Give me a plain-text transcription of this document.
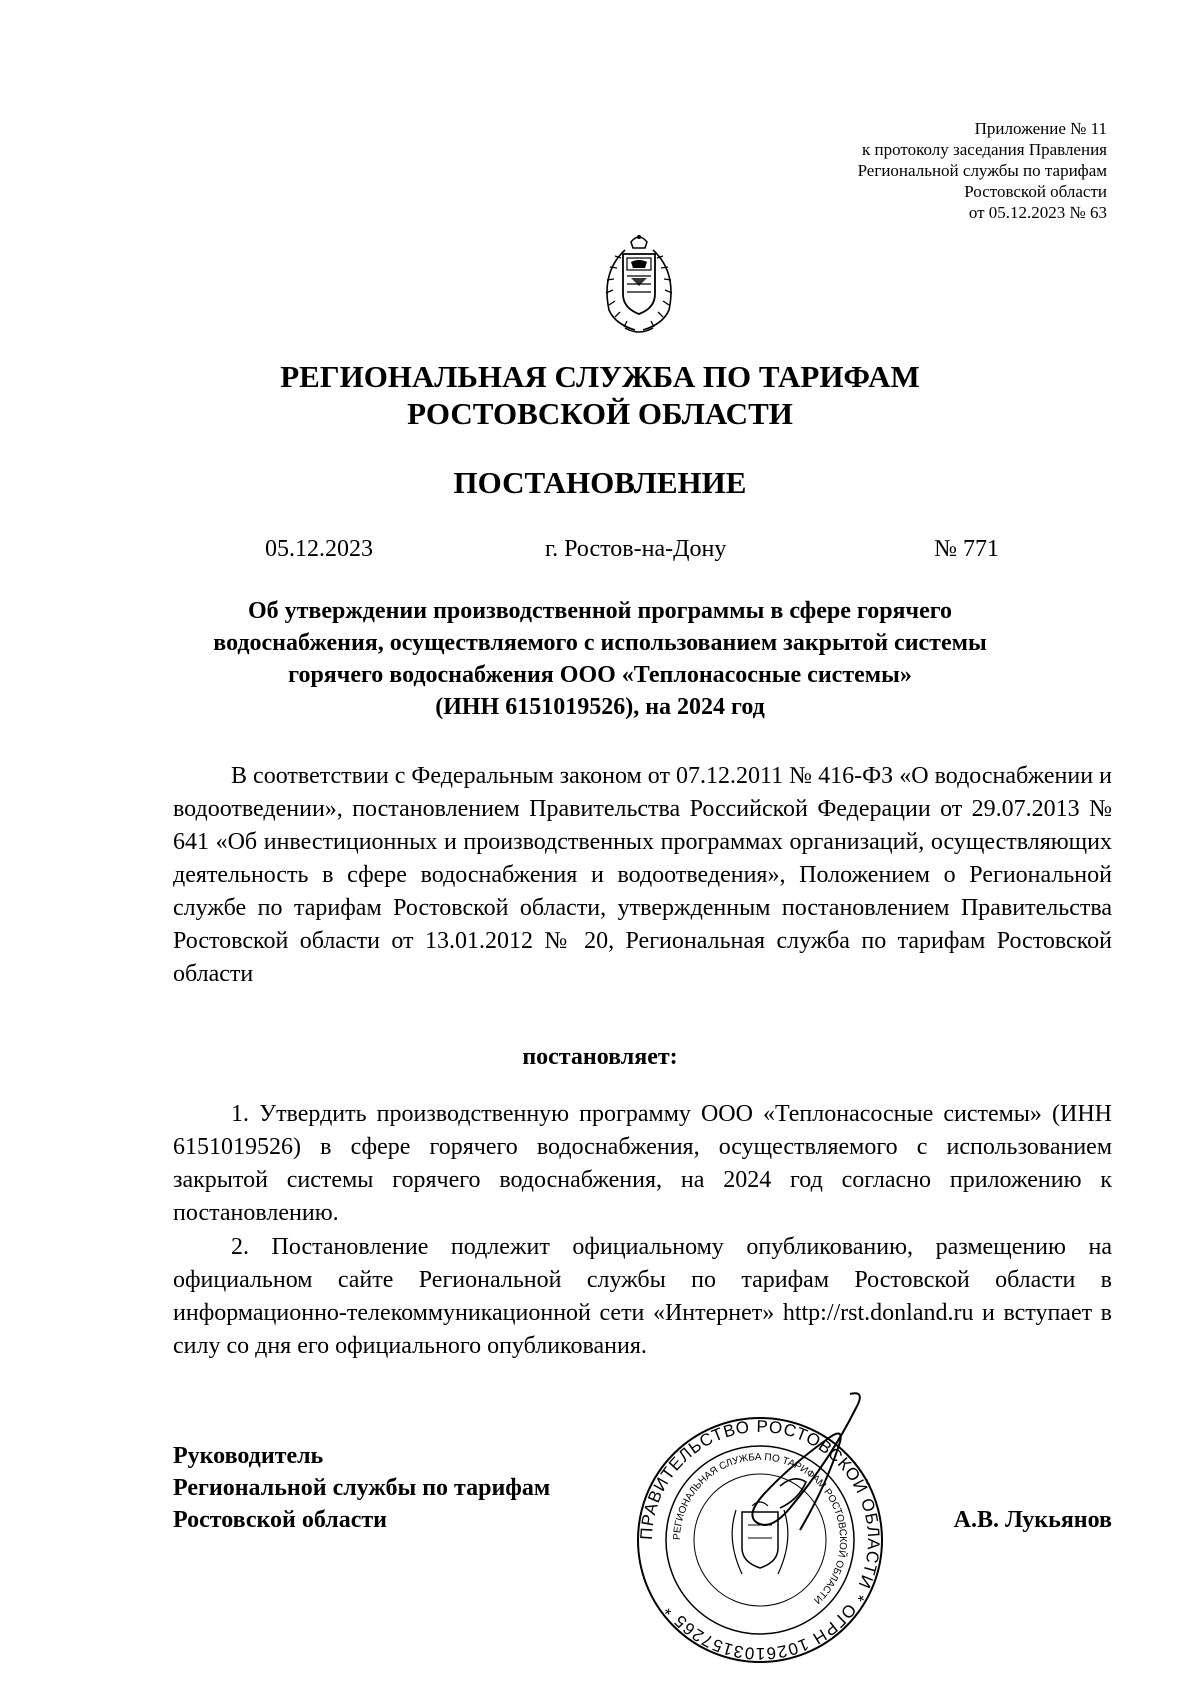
Приложение № 11
к протоколу заседания Правления
Региональной службы по тарифам
Ростовской области
от 05.12.2023 № 63
РЕГИОНАЛЬНАЯ СЛУЖБА ПО ТАРИФАМ
РОСТОВСКОЙ ОБЛАСТИ
ПОСТАНОВЛЕНИЕ
05.12.2023	г. Ростов-на-Дону	№ 771
Об утверждении производственной программы в сфере горячего
водоснабжения, осуществляемого с использованием закрытой системы
горячего водоснабжения ООО «Теплонасосные системы»
(ИНН 6151019526), на 2024 год
В соответствии с Федеральным законом от 07.12.2011 № 416-ФЗ «О водоснабжении и водоотведении», постановлением Правительства Российской Федерации от 29.07.2013 № 641 «Об инвестиционных и производственных программах организаций, осуществляющих деятельность в сфере водоснабжения и водоотведения», Положением о Региональной службе по тарифам Ростовской области, утвержденным постановлением Правительства Ростовской области от 13.01.2012 № 20, Региональная служба по тарифам Ростовской области
постановляет:
1. Утвердить производственную программу ООО «Теплонасосные системы» (ИНН 6151019526) в сфере горячего водоснабжения, осуществляемого с использованием закрытой системы горячего водоснабжения, на 2024 год согласно приложению к постановлению.
2. Постановление подлежит официальному опубликованию, размещению на официальном сайте Региональной службы по тарифам Ростовской области в информационно-телекоммуникационной сети «Интернет» http://rst.donland.ru и вступает в силу со дня его официального опубликования.
Руководитель
Региональной службы по тарифам
Ростовской области
ПРАВИТЕЛЬСТВО РОСТОВСКОЙ ОБЛАСТИ * ОГРН 1026103157265 *
РЕГИОНАЛЬНАЯ СЛУЖБА ПО ТАРИФАМ РОСТОВСКОЙ ОБЛАСТИ
А.В. Лукьянов
